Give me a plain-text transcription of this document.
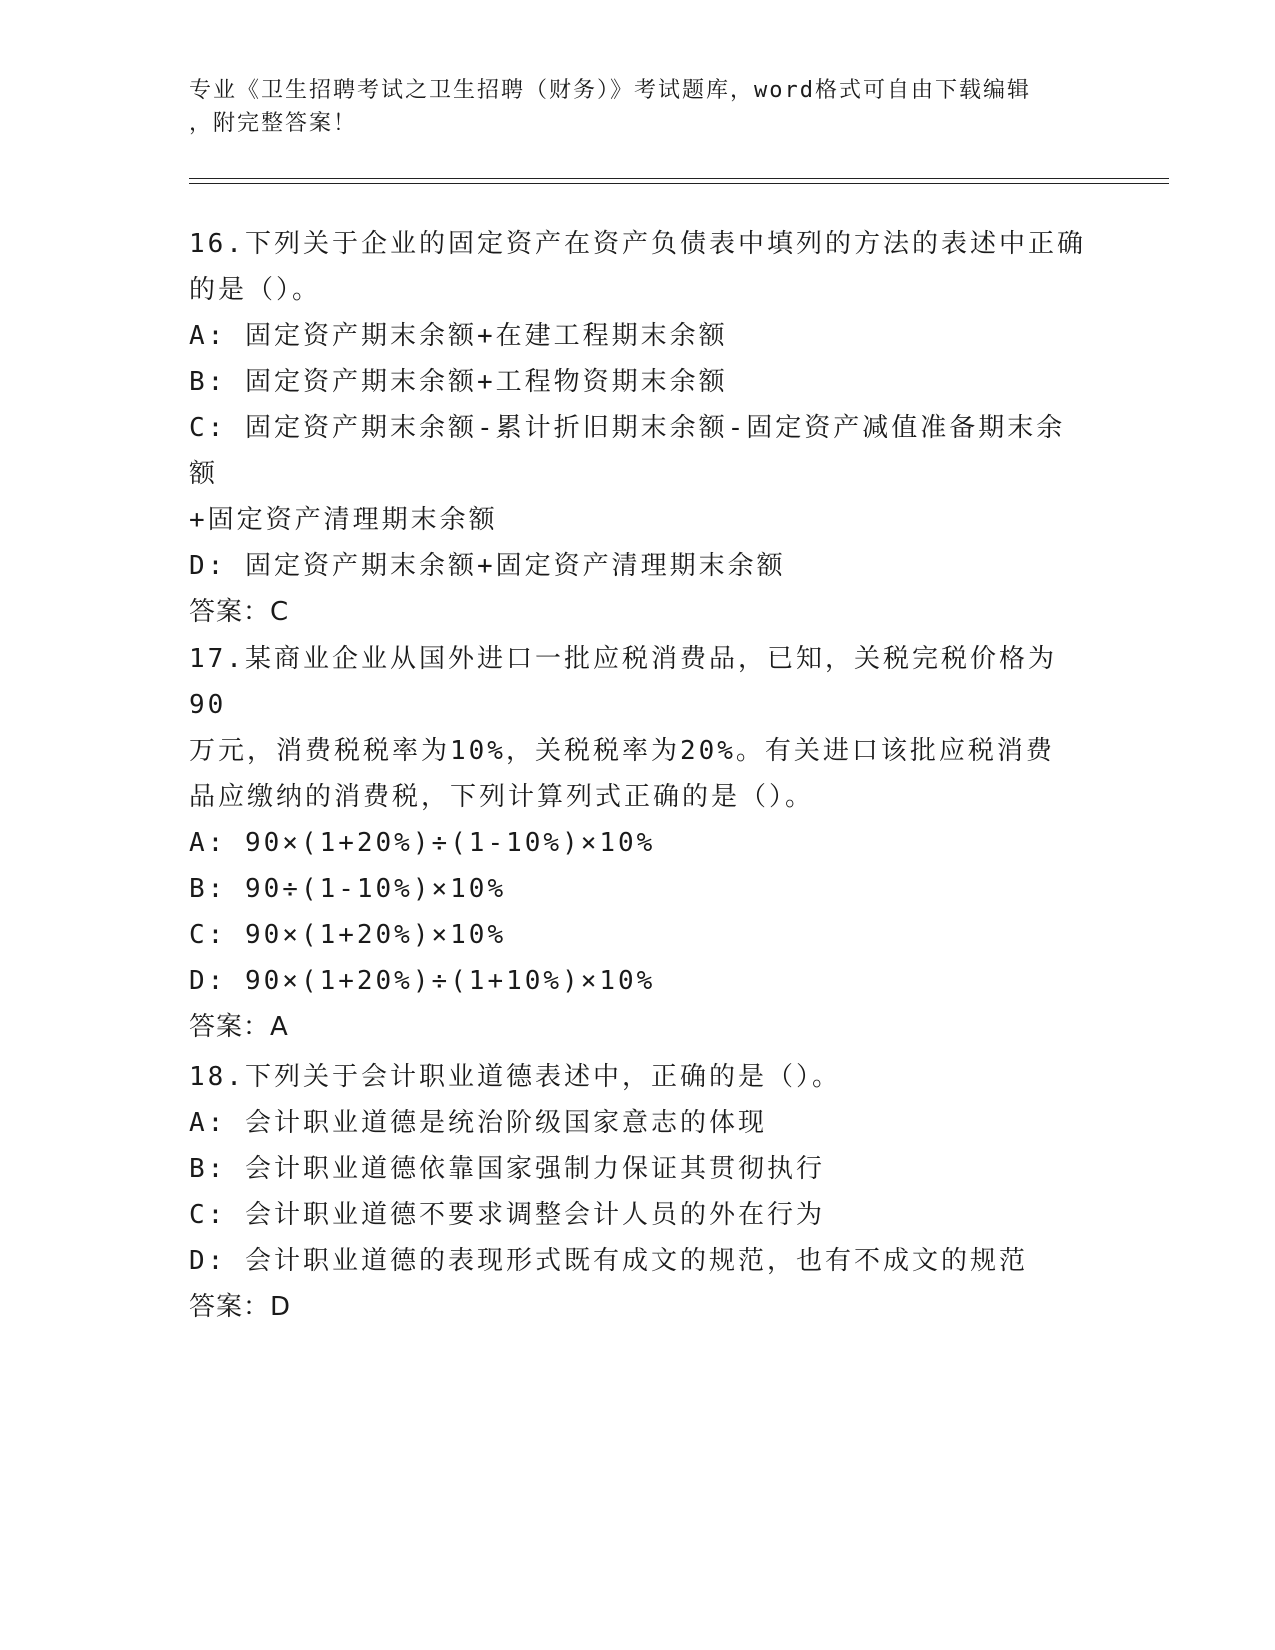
专业《卫生招聘考试之卫生招聘（财务）》考试题库，word格式可自由下载编辑
，附完整答案！

16.下列关于企业的固定资产在资产负债表中填列的方法的表述中正确

的是（）。

A: 固定资产期末余额+在建工程期末余额

B: 固定资产期末余额+工程物资期末余额

C: 固定资产期末余额-累计折旧期末余额-固定资产减值准备期末余额

+固定资产清理期末余额

D: 固定资产期末余额+固定资产清理期末余额

答案：C

17.某商业企业从国外进口一批应税消费品，已知，关税完税价格为90

万元，消费税税率为10%，关税税率为20%。有关进口该批应税消费

品应缴纳的消费税，下列计算列式正确的是（）。

A: 90×(1+20%)÷(1-10%)×10%

B: 90÷(1-10%)×10%

C: 90×(1+20%)×10%

D: 90×(1+20%)÷(1+10%)×10%

答案：A

18.下列关于会计职业道德表述中，正确的是（）。

A: 会计职业道德是统治阶级国家意志的体现

B: 会计职业道德依靠国家强制力保证其贯彻执行

C: 会计职业道德不要求调整会计人员的外在行为

D: 会计职业道德的表现形式既有成文的规范，也有不成文的规范

答案：D
